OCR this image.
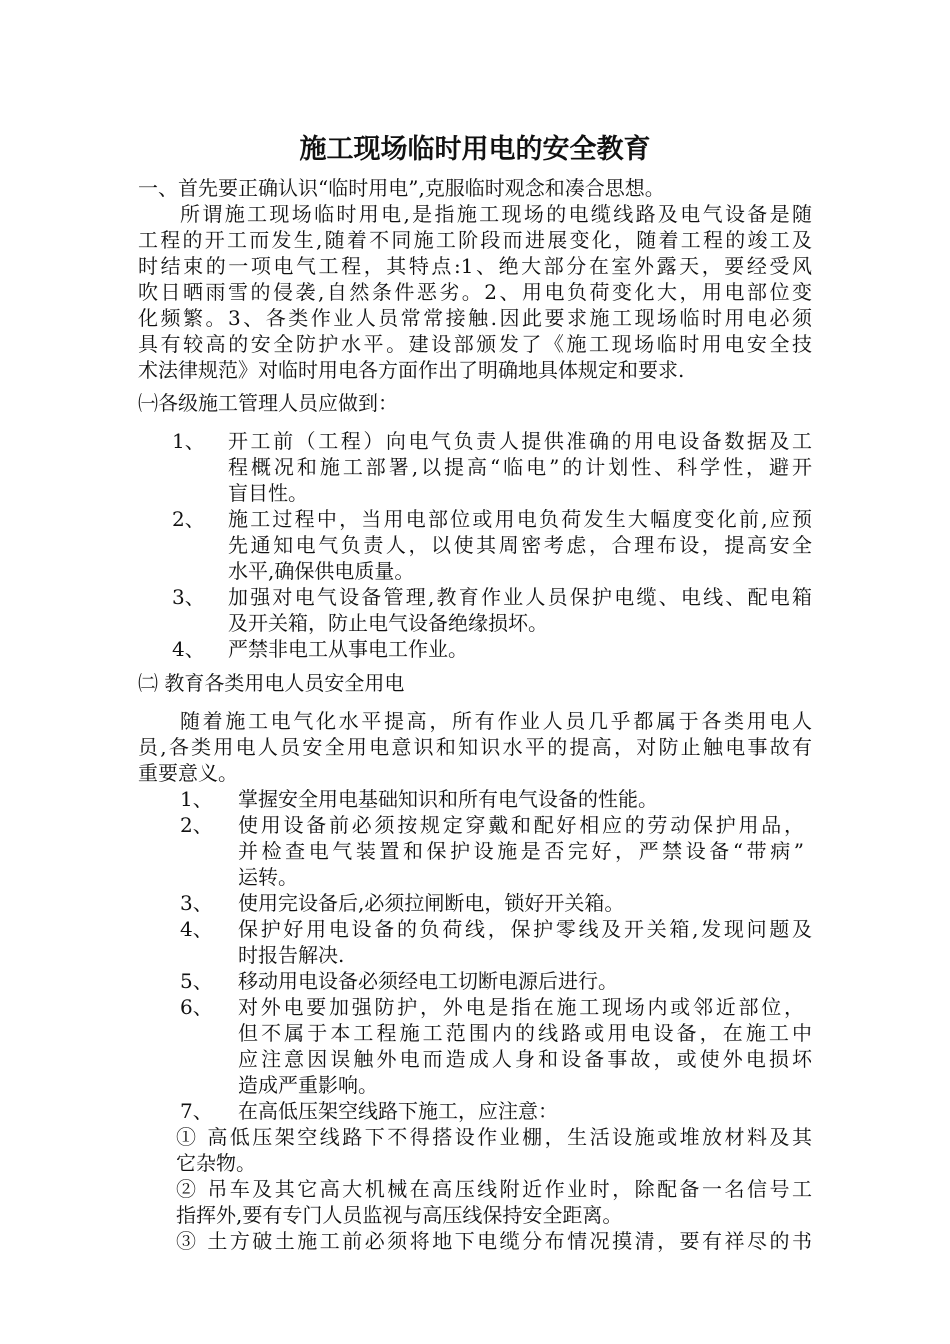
施工现场临时用电的安全教育
一、首先要正确认识“临时用电”,克服临时观念和凑合思想。
所谓施工现场临时用电,是指施工现场的电缆线路及电气设备是随
工程的开工而发生,随着不同施工阶段而进展变化，随着工程的竣工及
时结束的一项电气工程，其特点:1、绝大部分在室外露天，要经受风
吹日晒雨雪的侵袭,自然条件恶劣。2、用电负荷变化大，用电部位变
化频繁。3、各类作业人员常常接触.因此要求施工现场临时用电必须
具有较高的安全防护水平。建设部颁发了《施工现场临时用电安全技
术法律规范》对临时用电各方面作出了明确地具体规定和要求.
㈠各级施工管理人员应做到：
1、 开工前（工程）向电气负责人提供准确的用电设备数据及工
程概况和施工部署,以提高“临电”的计划性、科学性，避开
盲目性。
2、 施工过程中，当用电部位或用电负荷发生大幅度变化前,应预
先通知电气负责人，以使其周密考虑，合理布设，提高安全
水平,确保供电质量。
3、 加强对电气设备管理,教育作业人员保护电缆、电线、配电箱
及开关箱，防止电气设备绝缘损坏。
4、 严禁非电工从事电工作业。
㈡ 教育各类用电人员安全用电
随着施工电气化水平提高，所有作业人员几乎都属于各类用电人
员,各类用电人员安全用电意识和知识水平的提高，对防止触电事故有
重要意义。
1、 掌握安全用电基础知识和所有电气设备的性能。
2、 使用设备前必须按规定穿戴和配好相应的劳动保护用品，
并检查电气装置和保护设施是否完好，严禁设备“带病”
运转。
3、 使用完设备后,必须拉闸断电，锁好开关箱。
4、 保护好用电设备的负荷线，保护零线及开关箱,发现问题及
时报告解决.
5、 移动用电设备必须经电工切断电源后进行。
6、 对外电要加强防护，外电是指在施工现场内或邻近部位，
但不属于本工程施工范围内的线路或用电设备，在施工中
应注意因误触外电而造成人身和设备事故，或使外电损坏
造成严重影响。
7、 在高低压架空线路下施工，应注意：
① 高低压架空线路下不得搭设作业棚，生活设施或堆放材料及其
它杂物。
② 吊车及其它高大机械在高压线附近作业时，除配备一名信号工
指挥外,要有专门人员监视与高压线保持安全距离。
③ 土方破土施工前必须将地下电缆分布情况摸清，要有祥尽的书
